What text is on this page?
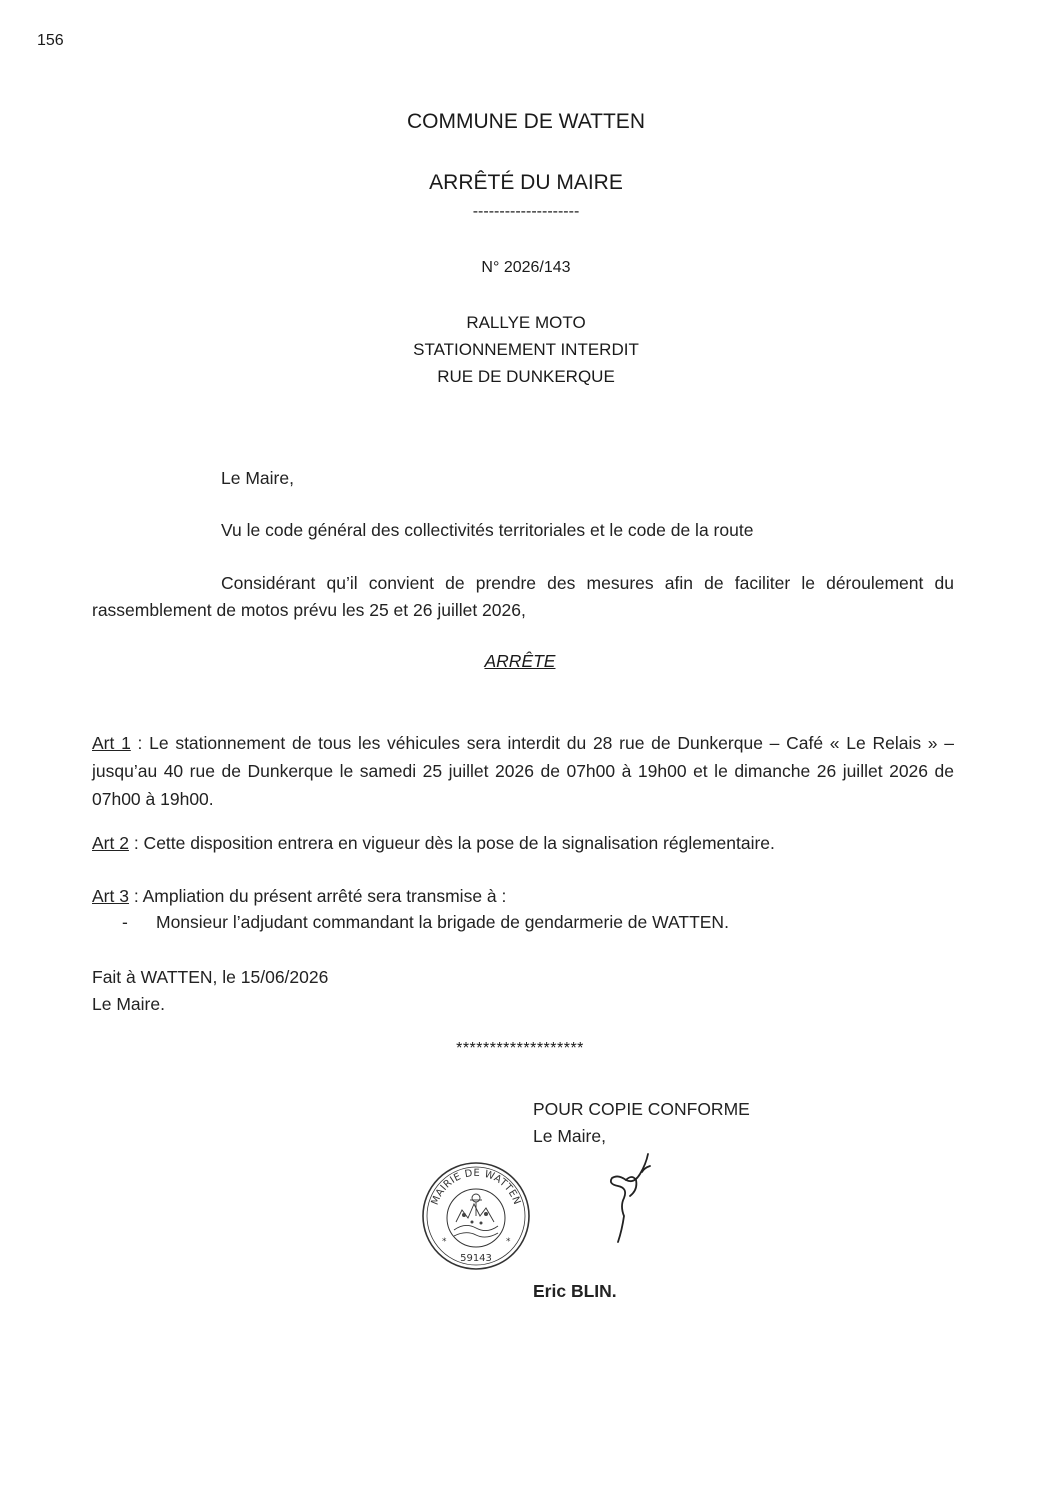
156
COMMUNE DE WATTEN
ARRÊTÉ DU MAIRE
--------------------
N° 2026/143
RALLYE MOTO
STATIONNEMENT INTERDIT
RUE DE DUNKERQUE
Le Maire,
Vu le code général des collectivités territoriales et le code de la route
Considérant qu’il convient de prendre des mesures afin de faciliter le déroulement du rassemblement de motos prévu les 25 et 26 juillet 2026,
ARRÊTE
Art 1 : Le stationnement de tous les véhicules sera interdit du 28 rue de Dunkerque – Café « Le Relais » – jusqu’au 40 rue de Dunkerque le samedi 25 juillet 2026 de 07h00 à 19h00 et le dimanche 26 juillet 2026 de 07h00 à 19h00.
Art 2 : Cette disposition entrera en vigueur dès la pose de la signalisation réglementaire.
Art 3 : Ampliation du présent arrêté sera transmise à :
- Monsieur l’adjudant commandant la brigade de gendarmerie de WATTEN.
Fait à WATTEN, le 15/06/2026
Le Maire.
*******************
POUR COPIE CONFORME
Le Maire,
MAIRIE DE WATTEN
59143
*	*
Eric BLIN.
